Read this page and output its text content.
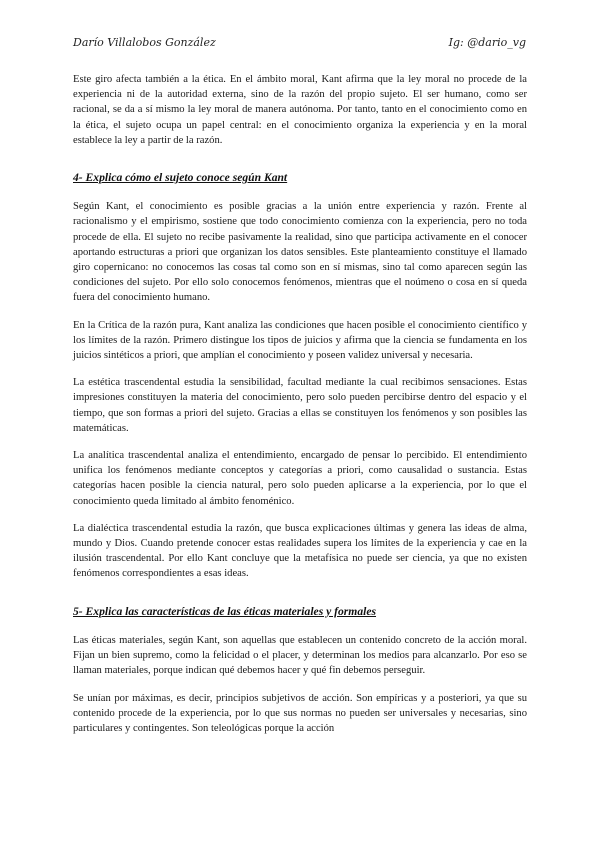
Darío Villalobos González	Ig: @dario_vg

Este giro afecta también a la ética. En el ámbito moral, Kant afirma que la ley moral no procede de la experiencia ni de la autoridad externa, sino de la razón del propio sujeto. El ser humano, como ser racional, se da a sí mismo la ley moral de manera autónoma. Por tanto, tanto en el conocimiento como en la ética, el sujeto ocupa un papel central: en el conocimiento organiza la experiencia y en la moral establece la ley a partir de la razón.

4- Explica cómo el sujeto conoce según Kant

Según Kant, el conocimiento es posible gracias a la unión entre experiencia y razón. Frente al racionalismo y el empirismo, sostiene que todo conocimiento comienza con la experiencia, pero no toda procede de ella. El sujeto no recibe pasivamente la realidad, sino que participa activamente en el conocer aportando estructuras a priori que organizan los datos sensibles. Este planteamiento constituye el llamado giro copernicano: no conocemos las cosas tal como son en sí mismas, sino tal como aparecen según las condiciones del sujeto. Por ello solo conocemos fenómenos, mientras que el noúmeno o cosa en sí queda fuera del conocimiento humano.

En la Crítica de la razón pura, Kant analiza las condiciones que hacen posible el conocimiento científico y los límites de la razón. Primero distingue los tipos de juicios y afirma que la ciencia se fundamenta en los juicios sintéticos a priori, que amplían el conocimiento y poseen validez universal y necesaria.

La estética trascendental estudia la sensibilidad, facultad mediante la cual recibimos sensaciones. Estas impresiones constituyen la materia del conocimiento, pero solo pueden percibirse dentro del espacio y el tiempo, que son formas a priori del sujeto. Gracias a ellas se constituyen los fenómenos y son posibles las matemáticas.

La analítica trascendental analiza el entendimiento, encargado de pensar lo percibido. El entendimiento unifica los fenómenos mediante conceptos y categorías a priori, como causalidad o sustancia. Estas categorías hacen posible la ciencia natural, pero solo pueden aplicarse a la experiencia, por lo que el conocimiento queda limitado al ámbito fenoménico.

La dialéctica trascendental estudia la razón, que busca explicaciones últimas y genera las ideas de alma, mundo y Dios. Cuando pretende conocer estas realidades supera los límites de la experiencia y cae en la ilusión trascendental. Por ello Kant concluye que la metafísica no puede ser ciencia, ya que no existen fenómenos correspondientes a esas ideas.

5- Explica las características de las éticas materiales y formales

Las éticas materiales, según Kant, son aquellas que establecen un contenido concreto de la acción moral. Fijan un bien supremo, como la felicidad o el placer, y determinan los medios para alcanzarlo. Por eso se llaman materiales, porque indican qué debemos hacer y qué fin debemos perseguir.

Se unían por máximas, es decir, principios subjetivos de acción. Son empíricas y a posteriori, ya que su contenido procede de la experiencia, por lo que sus normas no pueden ser universales y necesarias, sino particulares y contingentes. Son teleológicas porque la acción
